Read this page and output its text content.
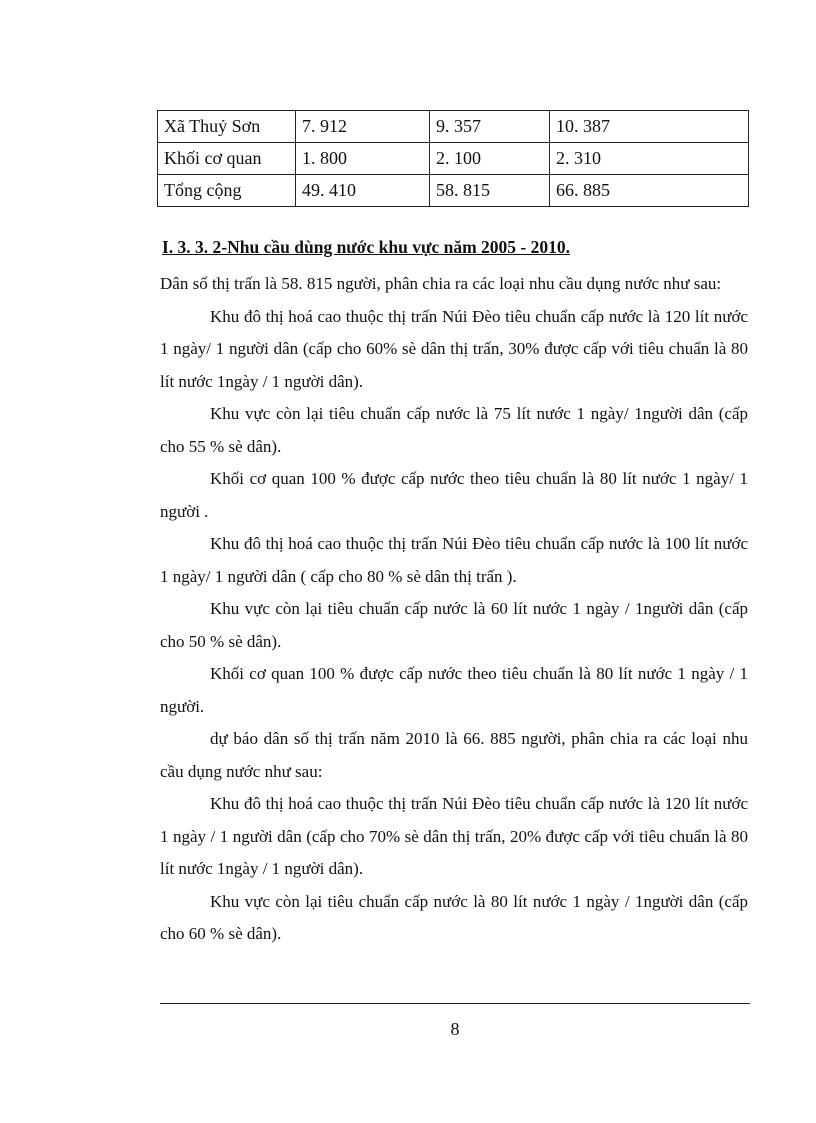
Xã Thuỷ Sơn	7. 912	9. 357	10. 387
Khối cơ quan	1. 800	2. 100	2. 310
Tổng cộng	49. 410	58. 815	66. 885
I. 3. 3. 2-Nhu cầu dùng nước khu vực năm 2005 - 2010.

Dân số thị trấn là 58. 815 người, phân chia ra các loại nhu cầu dụng nước như sau:

Khu đô thị hoá cao thuộc thị trấn Núi Đèo tiêu chuẩn cấp nước là 120 lít nước 1 ngày/ 1 người dân (cấp cho 60% sè dân thị trấn, 30% được cấp với tiêu chuẩn là 80 lít nước 1ngày / 1 người dân).

Khu vực còn lại tiêu chuẩn cấp nước là 75 lít nước 1 ngày/ 1người dân (cấp cho 55 % sè dân).

Khối cơ quan 100 % được cấp nước theo tiêu chuẩn là 80 lít nước 1 ngày/ 1 người .

Khu đô thị hoá cao thuộc thị trấn Núi Đèo tiêu chuẩn cấp nước là 100 lít nước 1 ngày/ 1 người dân ( cấp cho 80 % sè dân thị trấn ).

Khu vực còn lại tiêu chuẩn cấp nước là 60 lít nước 1 ngày / 1người dân (cấp cho 50 % sè dân).

Khối cơ quan 100 % được cấp nước theo tiêu chuẩn là 80 lít nước 1 ngày / 1 người.

dự báo dân số thị trấn năm 2010 là 66. 885 người, phân chia ra các loại nhu cầu dụng nước như sau:

Khu đô thị hoá cao thuộc thị trấn Núi Đèo tiêu chuẩn cấp nước là 120 lít nước 1 ngày / 1 người dân (cấp cho 70% sè dân thị trấn, 20% được cấp với tiêu chuẩn là 80 lít nước 1ngày / 1 người dân).

Khu vực còn lại tiêu chuẩn cấp nước là 80 lít nước 1 ngày / 1người dân (cấp cho 60 % sè dân).

8
